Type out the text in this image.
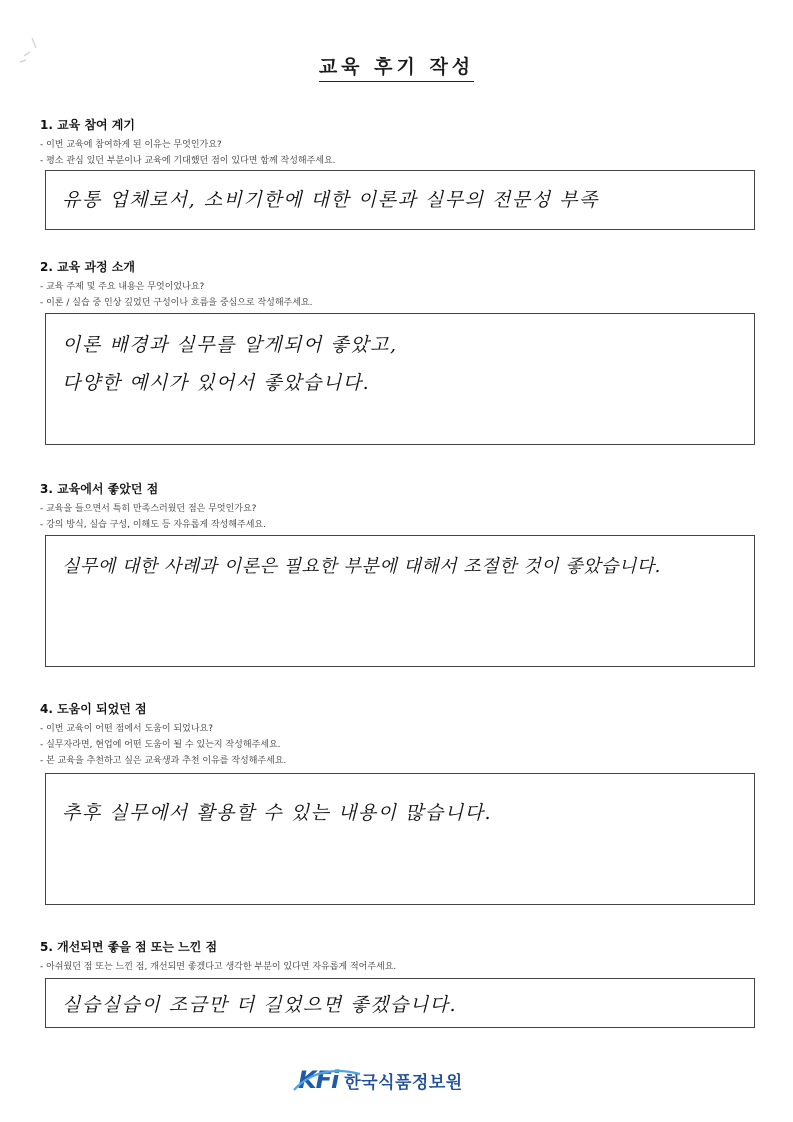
교육 후기 작성
1. 교육 참여 계기
- 이번 교육에 참여하게 된 이유는 무엇인가요?
- 평소 관심 있던 부분이나 교육에 기대했던 점이 있다면 함께 작성해주세요.
유통 업체로서, 소비기한에 대한 이론과 실무의 전문성 부족
2. 교육 과정 소개
- 교육 주제 및 주요 내용은 무엇이었나요?
- 이론 / 실습 중 인상 깊었던 구성이나 흐름을 중심으로 작성해주세요.
이론 배경과 실무를 알게되어 좋았고,
다양한 예시가 있어서 좋았습니다.
3. 교육에서 좋았던 점
- 교육을 들으면서 특히 만족스러웠던 점은 무엇인가요?
- 강의 방식, 실습 구성, 이해도 등 자유롭게 작성해주세요.
실무에 대한 사례과 이론은 필요한 부분에 대해서 조절한 것이 좋았습니다.
4. 도움이 되었던 점
- 이번 교육이 어떤 점에서 도움이 되었나요?
- 실무자라면, 현업에 어떤 도움이 될 수 있는지 작성해주세요.
- 본 교육을 추천하고 싶은 교육생과 추천 이유를 작성해주세요.
추후 실무에서 활용할 수 있는 내용이 많습니다.
5. 개선되면 좋을 점 또는 느낀 점
- 아쉬웠던 점 또는 느낀 점, 개선되면 좋겠다고 생각한 부분이 있다면 자유롭게 적어주세요.
실습실습이 조금만 더 길었으면 좋겠습니다.
KFi 한국식품정보원
